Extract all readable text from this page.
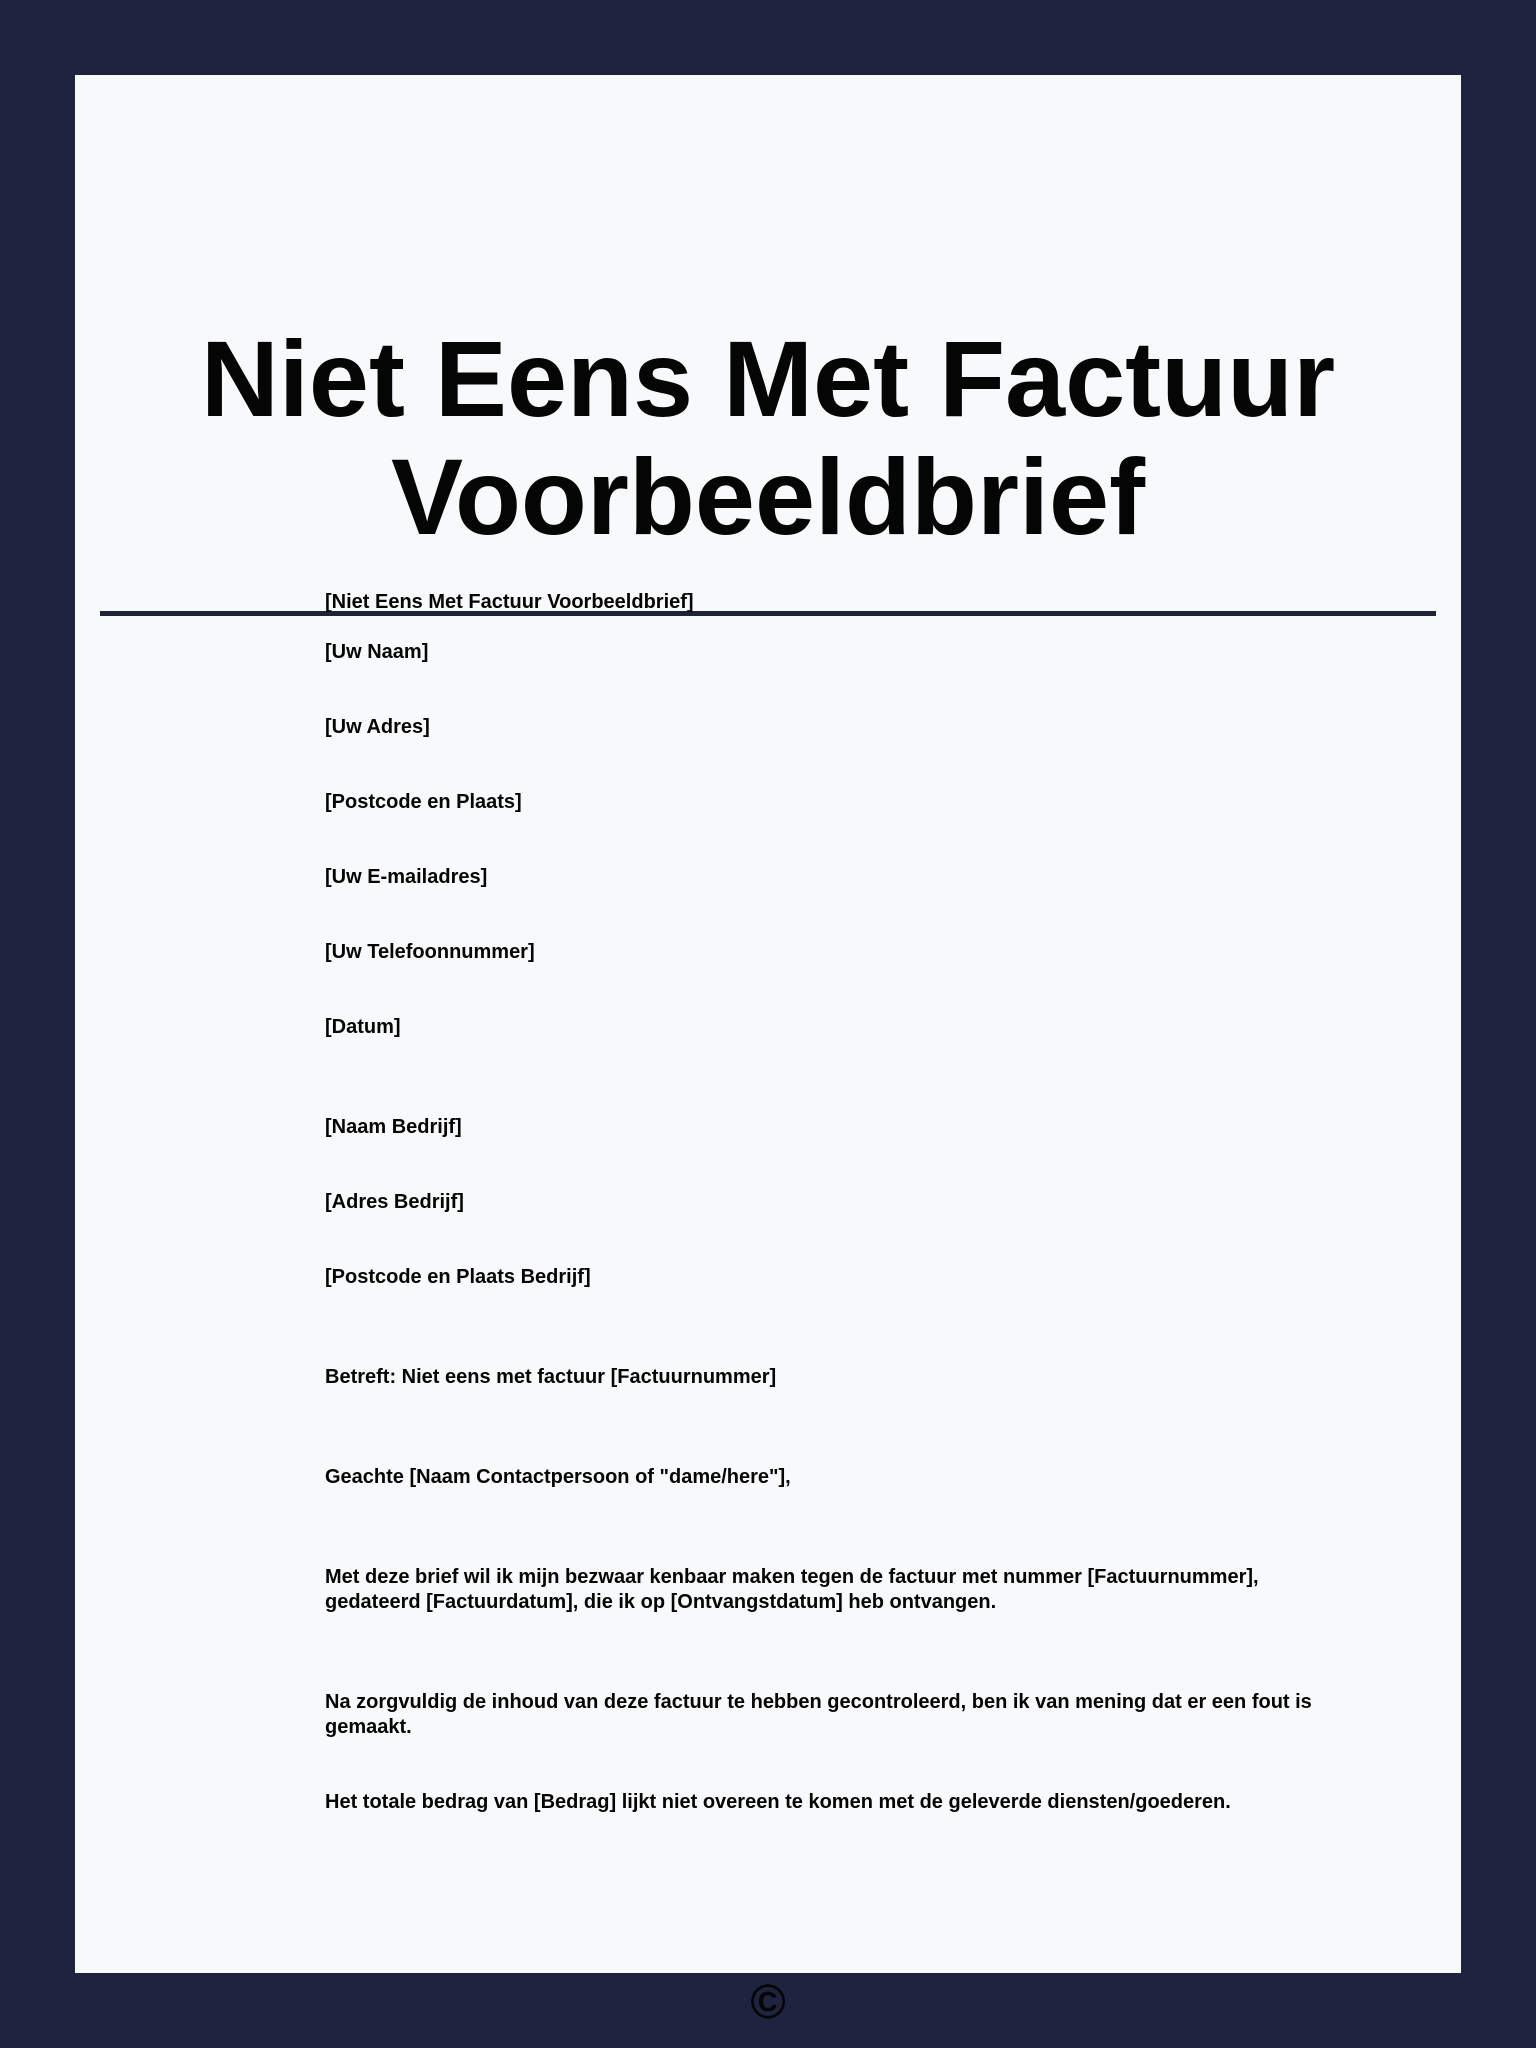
Niet Eens Met Factuur
Voorbeeldbrief

[Niet Eens Met Factuur Voorbeeldbrief]

[Uw Naam]

[Uw Adres]

[Postcode en Plaats]

[Uw E-mailadres]

[Uw Telefoonnummer]

[Datum]

[Naam Bedrijf]

[Adres Bedrijf]

[Postcode en Plaats Bedrijf]

Betreft: Niet eens met factuur [Factuurnummer]

Geachte [Naam Contactpersoon of "dame/here"],

Met deze brief wil ik mijn bezwaar kenbaar maken tegen de factuur met nummer [Factuurnummer],
gedateerd [Factuurdatum], die ik op [Ontvangstdatum] heb ontvangen.

Na zorgvuldig de inhoud van deze factuur te hebben gecontroleerd, ben ik van mening dat er een fout is
gemaakt.

Het totale bedrag van [Bedrag] lijkt niet overeen te komen met de geleverde diensten/goederen.

©
